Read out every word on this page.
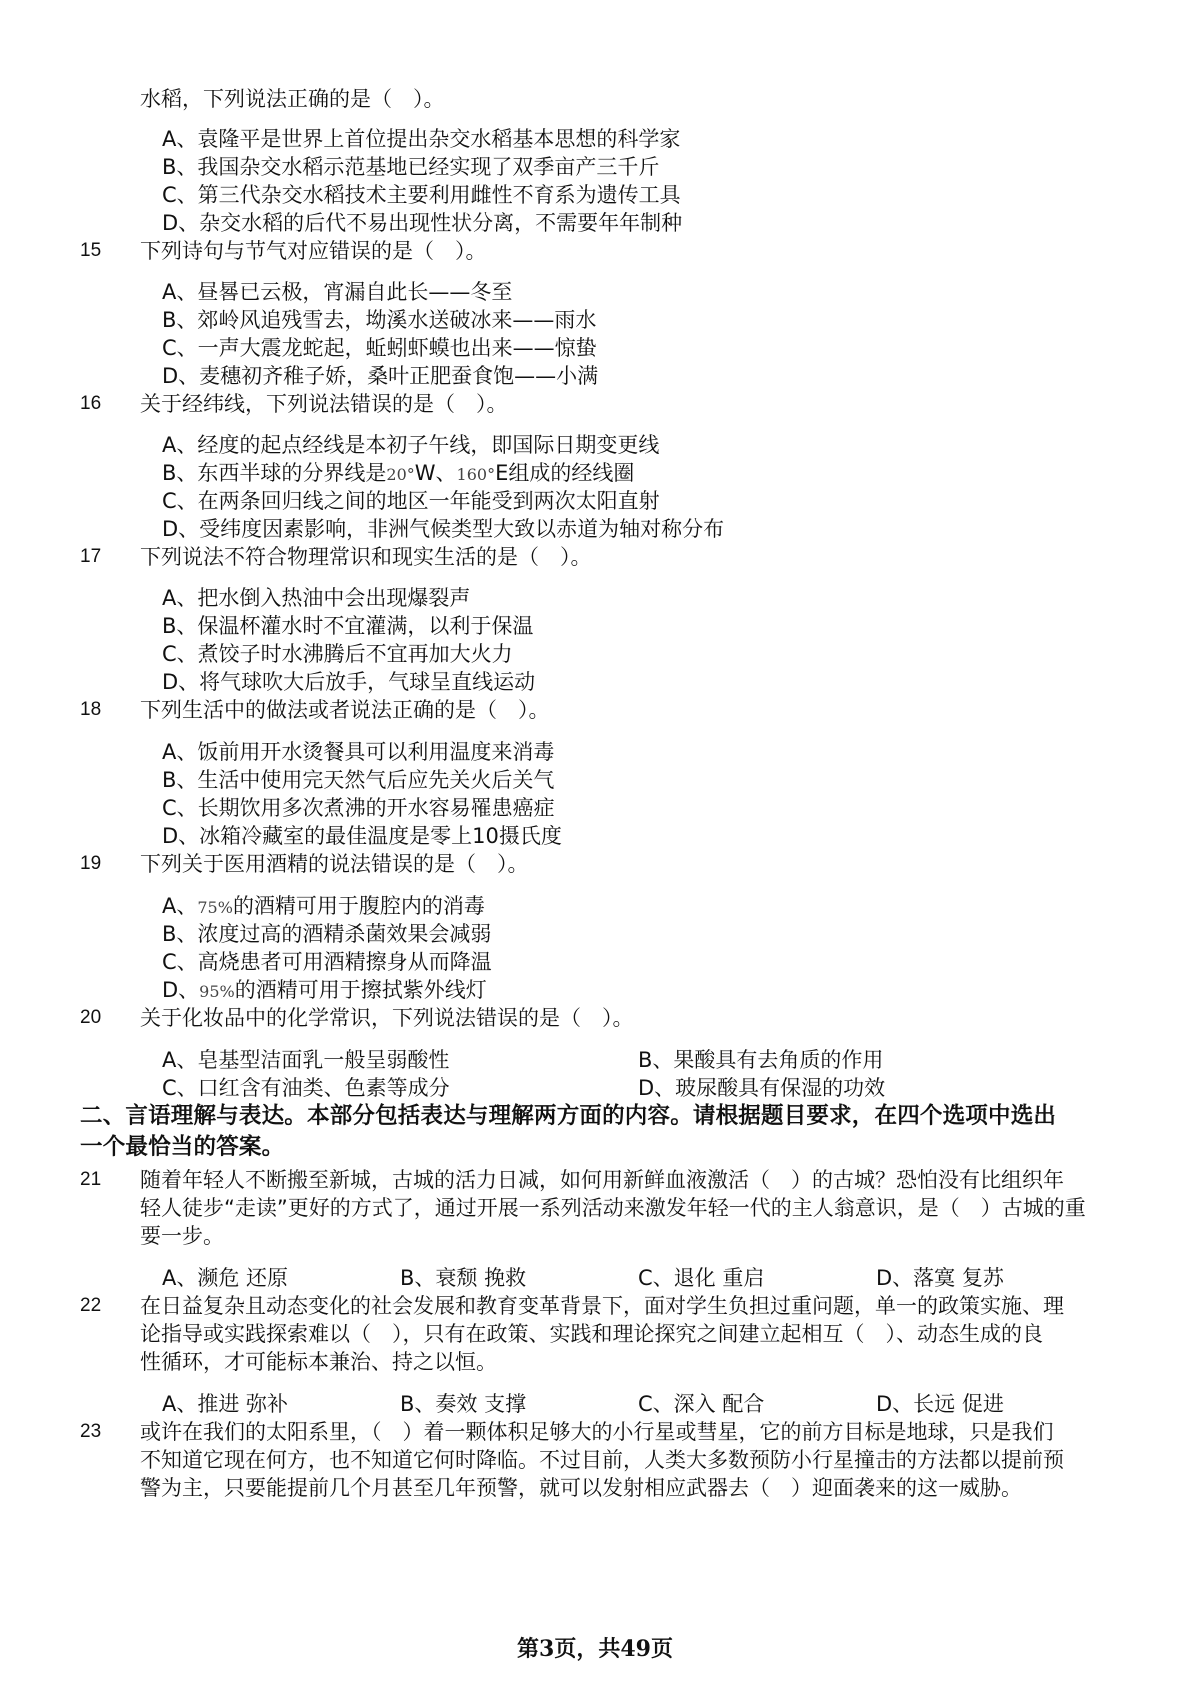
水稻，下列说法正确的是（　）。
A、袁隆平是世界上首位提出杂交水稻基本思想的科学家
B、我国杂交水稻示范基地已经实现了双季亩产三千斤
C、第三代杂交水稻技术主要利用雌性不育系为遗传工具
D、杂交水稻的后代不易出现性状分离，不需要年年制种
15	下列诗句与节气对应错误的是（　）。
A、昼晷已云极，宵漏自此长——冬至
B、郊岭风追残雪去，坳溪水送破冰来——雨水
C、一声大震龙蛇起，蚯蚓虾蟆也出来——惊蛰
D、麦穗初齐稚子娇，桑叶正肥蚕食饱——小满
16	关于经纬线，下列说法错误的是（　）。
A、经度的起点经线是本初子午线，即国际日期变更线
B、东西半球的分界线是20°W、160°E组成的经线圈
C、在两条回归线之间的地区一年能受到两次太阳直射
D、受纬度因素影响，非洲气候类型大致以赤道为轴对称分布
17	下列说法不符合物理常识和现实生活的是（　）。
A、把水倒入热油中会出现爆裂声
B、保温杯灌水时不宜灌满，以利于保温
C、煮饺子时水沸腾后不宜再加大火力
D、将气球吹大后放手，气球呈直线运动
18	下列生活中的做法或者说法正确的是（　）。
A、饭前用开水烫餐具可以利用温度来消毒
B、生活中使用完天然气后应先关火后关气
C、长期饮用多次煮沸的开水容易罹患癌症
D、冰箱冷藏室的最佳温度是零上10摄氏度
19	下列关于医用酒精的说法错误的是（　）。
A、75%的酒精可用于腹腔内的消毒
B、浓度过高的酒精杀菌效果会减弱
C、高烧患者可用酒精擦身从而降温
D、95%的酒精可用于擦拭紫外线灯
20	关于化妆品中的化学常识，下列说法错误的是（　）。
A、皂基型洁面乳一般呈弱酸性	B、果酸具有去角质的作用
C、口红含有油类、色素等成分	D、玻尿酸具有保湿的功效
二、言语理解与表达。本部分包括表达与理解两方面的内容。请根据题目要求，在四个选项中选出
一个最恰当的答案。
21	随着年轻人不断搬至新城，古城的活力日减，如何用新鲜血液激活（　）的古城？恐怕没有比组织年
轻人徒步“走读”更好的方式了，通过开展一系列活动来激发年轻一代的主人翁意识，是（　）古城的重
要一步。
A、濒危 还原	B、衰颓 挽救	C、退化 重启	D、落寞 复苏
22	在日益复杂且动态变化的社会发展和教育变革背景下，面对学生负担过重问题，单一的政策实施、理
论指导或实践探索难以（　），只有在政策、实践和理论探究之间建立起相互（　）、动态生成的良
性循环，才可能标本兼治、持之以恒。
A、推进 弥补	B、奏效 支撑	C、深入 配合	D、长远 促进
23	或许在我们的太阳系里，（　）着一颗体积足够大的小行星或彗星，它的前方目标是地球，只是我们
不知道它现在何方，也不知道它何时降临。不过目前，人类大多数预防小行星撞击的方法都以提前预
警为主，只要能提前几个月甚至几年预警，就可以发射相应武器去（　）迎面袭来的这一威胁。
第3页，共49页
